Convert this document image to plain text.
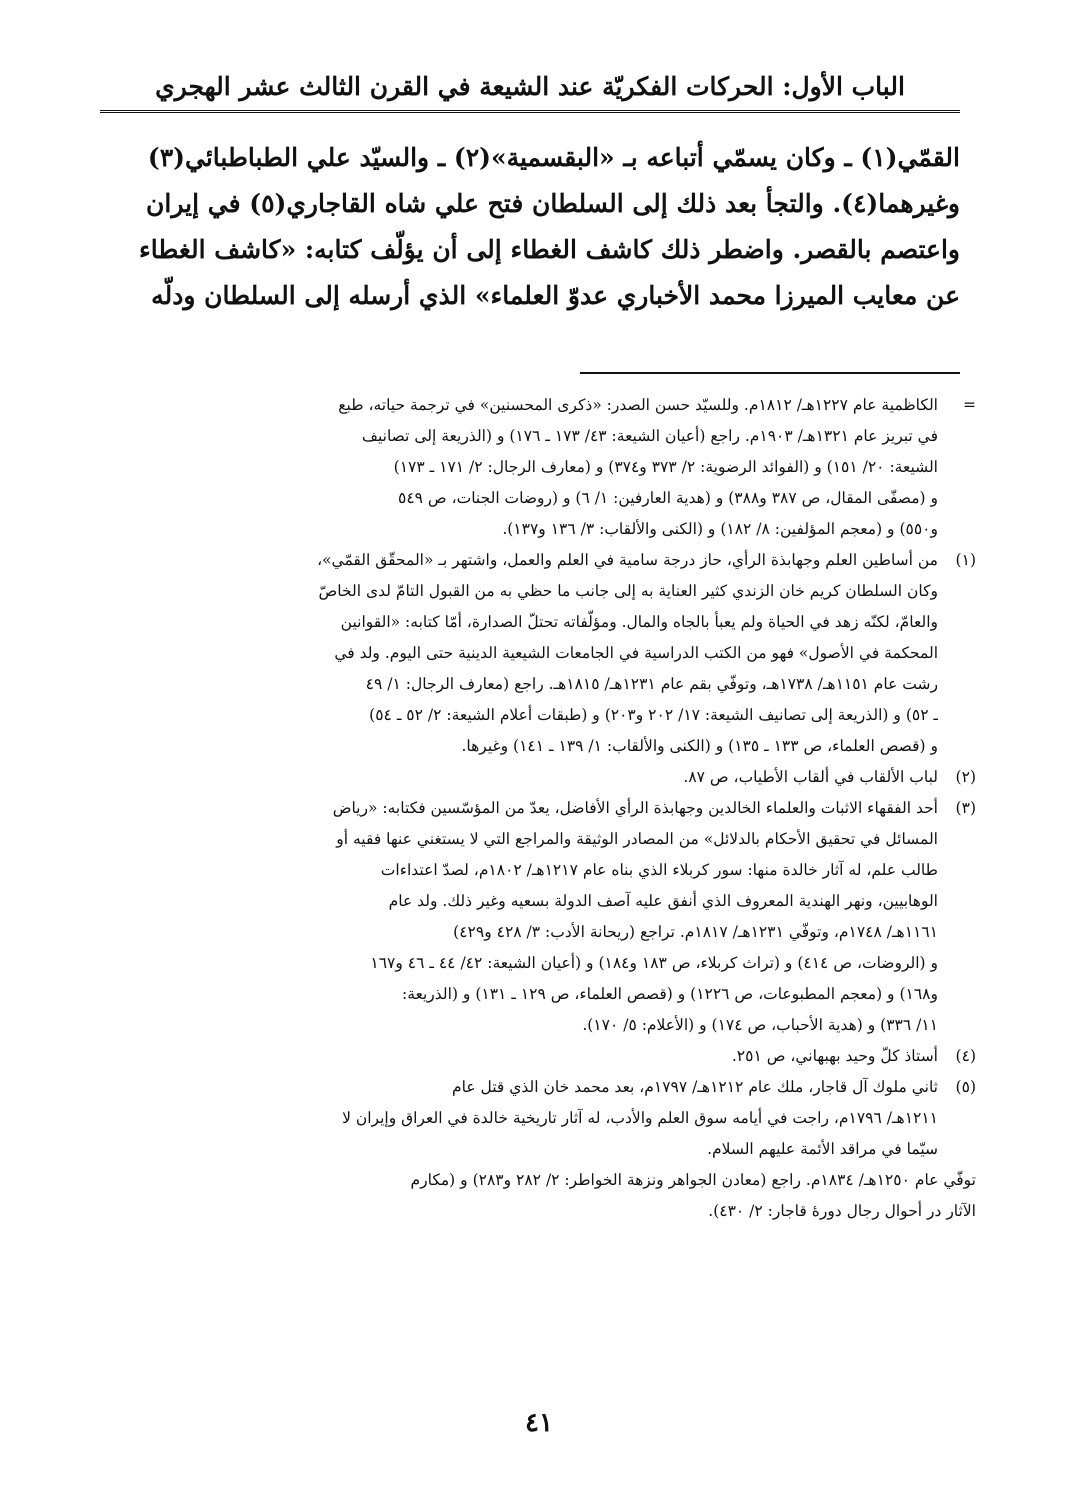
الباب الأول: الحركات الفكريّة عند الشيعة في القرن الثالث عشر الهجري

القمّي(١) ـ وكان يسمّي أتباعه بـ «البقسمية»(٢) ـ والسيّد علي الطباطبائي(٣)

وغيرهما(٤). والتجأ بعد ذلك إلى السلطان فتح علي شاه القاجاري(٥) في إيران

واعتصم بالقصر. واضطر ذلك كاشف الغطاء إلى أن يؤلّف كتابه: «كاشف الغطاء

عن معايب الميرزا محمد الأخباري عدوّ العلماء» الذي أرسله إلى السلطان ودلّه

=
الكاظمية عام ١٢٢٧هـ/ ١٨١٢م. وللسيّد حسن الصدر: «ذكرى المحسنين» في ترجمة حياته، طبع
في تبريز عام ١٣٢١هـ/ ١٩٠٣م. راجع (أعيان الشيعة: ٤٣/ ١٧٣ ـ ١٧٦) و (الذريعة إلى تصانيف
الشيعة: ٢٠/ ١٥١) و (الفوائد الرضوية: ٢/ ٣٧٣ و٣٧٤) و (معارف الرجال: ٢/ ١٧١ ـ ١٧٣)
و (مصفّى المقال، ص ٣٨٧ و٣٨٨) و (هدية العارفين: ١/ ٦) و (روضات الجنات، ص ٥٤٩
و٥٥٠) و (معجم المؤلفين: ٨/ ١٨٢) و (الكنى والألقاب: ٣/ ١٣٦ و١٣٧).
(١)
من أساطين العلم وجهابذة الرأي، حاز درجة سامية في العلم والعمل، واشتهر بـ «المحقّق القمّي»،
وكان السلطان كريم خان الزندي كثير العناية به إلى جانب ما حظي به من القبول التامّ لدى الخاصّ
والعامّ، لكنّه زهد في الحياة ولم يعبأ بالجاه والمال. ومؤلّفاته تحتلّ الصدارة، أمّا كتابه: «القوانين
المحكمة في الأصول» فهو من الكتب الدراسية في الجامعات الشيعية الدينية حتى اليوم. ولد في
رشت عام ١١٥١هـ/ ١٧٣٨هـ، وتوفّي بقم عام ١٢٣١هـ/ ١٨١٥هـ. راجع (معارف الرجال: ١/ ٤٩
ـ ٥٢) و (الذريعة إلى تصانيف الشيعة: ١٧/ ٢٠٢ و٢٠٣) و (طبقات أعلام الشيعة: ٢/ ٥٢ ـ ٥٤)
و (قصص العلماء، ص ١٣٣ ـ ١٣٥) و (الكنى والألقاب: ١/ ١٣٩ ـ ١٤١) وغيرها.
(٢)
لباب الألقاب في ألقاب الأطياب، ص ٨٧.
(٣)
أحد الفقهاء الاثبات والعلماء الخالدين وجهابذة الرأي الأفاضل، يعدّ من المؤسّسين فكتابه: «رياض
المسائل في تحقيق الأحكام بالدلائل» من المصادر الوثيقة والمراجع التي لا يستغني عنها فقيه أو
طالب علم، له آثار خالدة منها: سور كربلاء الذي بناه عام ١٢١٧هـ/ ١٨٠٢م، لصدّ اعتداءات
الوهابيين، ونهر الهندية المعروف الذي أنفق عليه آصف الدولة بسعيه وغير ذلك. ولد عام
١١٦١هـ/ ١٧٤٨م، وتوفّي ١٢٣١هـ/ ١٨١٧م. تراجع (ريحانة الأدب: ٣/ ٤٢٨ و٤٢٩)
و (الروضات، ص ٤١٤) و (تراث كربلاء، ص ١٨٣ و١٨٤) و (أعيان الشيعة: ٤٢/ ٤٤ ـ ٤٦ و١٦٧
و١٦٨) و (معجم المطبوعات، ص ١٢٢٦) و (قصص العلماء، ص ١٢٩ ـ ١٣١) و (الذريعة:
١١/ ٣٣٦) و (هدية الأحباب، ص ١٧٤) و (الأعلام: ٥/ ١٧٠).
(٤)
أستاذ كلّ وحيد بهبهاني، ص ٢٥١.
(٥)
ثاني ملوك آل قاجار، ملك عام ١٢١٢هـ/ ١٧٩٧م، بعد محمد خان الذي قتل عام
١٢١١هـ/ ١٧٩٦م، راجت في أيامه سوق العلم والأدب، له آثار تاريخية خالدة في العراق وإيران لا
سيّما في مراقد الأئمة عليهم السلام.
توفّي عام ١٢٥٠هـ/ ١٨٣٤م. راجع (معادن الجواهر ونزهة الخواطر: ٢/ ٢٨٢ و٢٨٣) و (مكارم
الآثار در أحوال رجال دورهٔ قاجار: ٢/ ٤٣٠).
٤١
